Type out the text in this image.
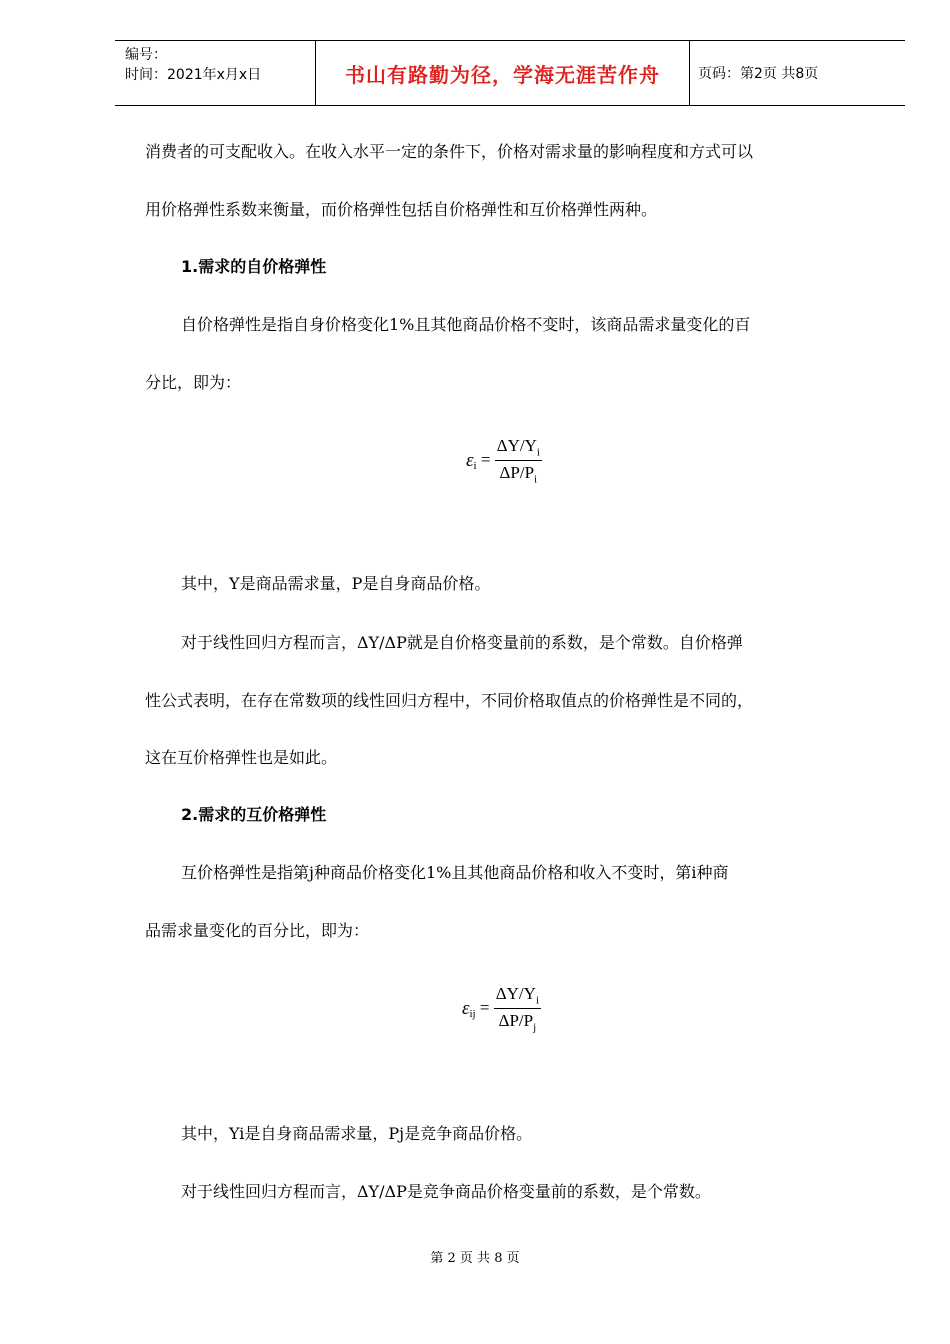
编号：
时间：2021年x月x日	书山有路勤为径，学海无涯苦作舟	页码：第2页 共8页
消费者的可支配收入。在收入水平一定的条件下，价格对需求量的影响程度和方式可以
用价格弹性系数来衡量，而价格弹性包括自价格弹性和互价格弹性两种。
1.需求的自价格弹性
自价格弹性是指自身价格变化1%且其他商品价格不变时，该商品需求量变化的百
分比，即为：
其中，Y是商品需求量，P是自身商品价格。
对于线性回归方程而言，ΔY/ΔP就是自价格变量前的系数，是个常数。自价格弹
性公式表明，在存在常数项的线性回归方程中，不同价格取值点的价格弹性是不同的，
这在互价格弹性也是如此。
2.需求的互价格弹性
互价格弹性是指第j种商品价格变化1%且其他商品价格和收入不变时，第i种商
品需求量变化的百分比，即为：
其中，Yi是自身商品需求量，Pj是竞争商品价格。
对于线性回归方程而言，ΔY/ΔP是竞争商品价格变量前的系数，是个常数。
$\varepsilon_i = \frac{\Delta Y/Y_i}{\Delta P/P_i}$
$\varepsilon_{ij} = \frac{\Delta Y/Y_i}{\Delta P/P_j}$
第 2 页 共 8 页
